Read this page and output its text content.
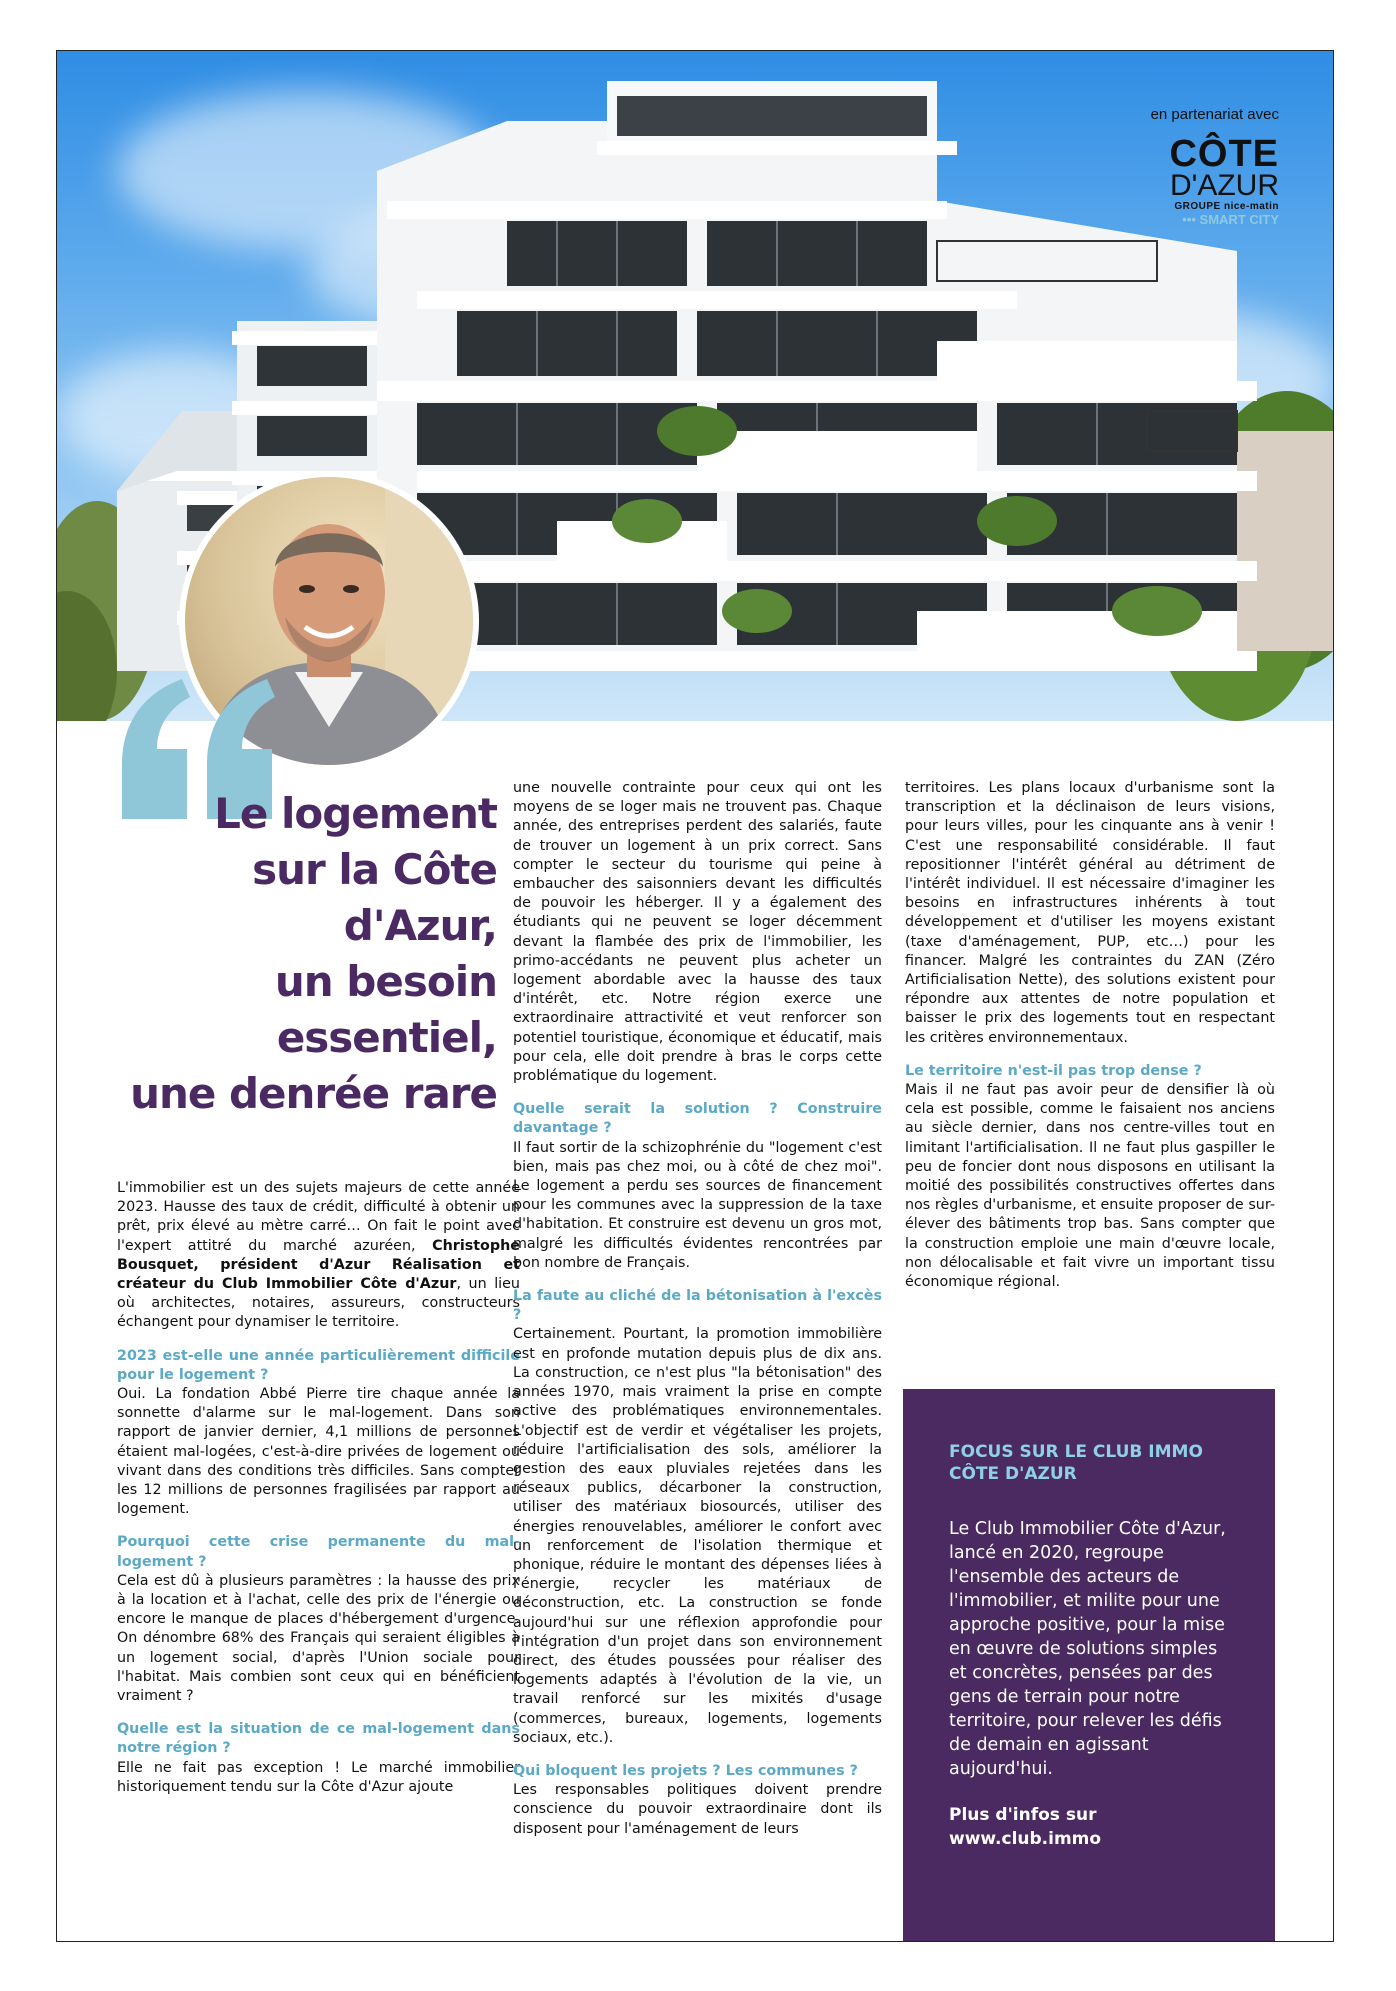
en partenariat avec
CÔTE
D'AZUR
GROUPE nice-matin
••• SMART CITY
Le logement
sur la Côte
d'Azur,
un besoin
essentiel,
une denrée rare

L'immobilier est un des sujets majeurs de cette année 2023. Hausse des taux de crédit, difficulté à obtenir un prêt, prix élevé au mètre carré… On fait le point avec l'expert attitré du marché azuréen, Christophe Bousquet, président d'Azur Réalisation et créateur du Club Immobilier Côte d'Azur, un lieu où architectes, notaires, assureurs, constructeurs échangent pour dynamiser le territoire.

2023 est-elle une année particulièrement difficile pour le logement ?

Oui. La fondation Abbé Pierre tire chaque année la sonnette d'alarme sur le mal-logement. Dans son rapport de janvier dernier, 4,1 millions de personnes étaient mal-logées, c'est-à-dire privées de logement ou vivant dans des conditions très difficiles. Sans compter les 12 millions de personnes fragilisées par rapport au logement.

Pourquoi cette crise permanente du mal-logement ?

Cela est dû à plusieurs paramètres : la hausse des prix à la location et à l'achat, celle des prix de l'énergie ou encore le manque de places d'hébergement d'urgence. On dénombre 68% des Français qui seraient éligibles à un logement social, d'après l'Union sociale pour l'habitat. Mais combien sont ceux qui en bénéficient vraiment ?

Quelle est la situation de ce mal-logement dans notre région ?

Elle ne fait pas exception ! Le marché immobilier historiquement tendu sur la Côte d'Azur ajoute

une nouvelle contrainte pour ceux qui ont les moyens de se loger mais ne trouvent pas. Chaque année, des entreprises perdent des salariés, faute de trouver un logement à un prix correct. Sans compter le secteur du tourisme qui peine à embaucher des saisonniers devant les difficultés de pouvoir les héberger. Il y a également des étudiants qui ne peuvent se loger décemment devant la flambée des prix de l'immobilier, les primo-accédants ne peuvent plus acheter un logement abordable avec la hausse des taux d'intérêt, etc. Notre région exerce une extraordinaire attractivité et veut renforcer son potentiel touristique, économique et éducatif, mais pour cela, elle doit prendre à bras le corps cette problématique du logement.

Quelle serait la solution ? Construire davantage ?

Il faut sortir de la schizophrénie du "logement c'est bien, mais pas chez moi, ou à côté de chez moi". Le logement a perdu ses sources de financement pour les communes avec la suppression de la taxe d'habitation. Et construire est devenu un gros mot, malgré les difficultés évidentes rencontrées par bon nombre de Français.

La faute au cliché de la bétonisation à l'excès ?

Certainement. Pourtant, la promotion immobilière est en profonde mutation depuis plus de dix ans. La construction, ce n'est plus "la bétonisation" des années 1970, mais vraiment la prise en compte active des problématiques environnementales. L'objectif est de verdir et végétaliser les projets, réduire l'artificialisation des sols, améliorer la gestion des eaux pluviales rejetées dans les réseaux publics, décarboner la construction, utiliser des matériaux biosourcés, utiliser des énergies renouvelables, améliorer le confort avec un renforcement de l'isolation thermique et phonique, réduire le montant des dépenses liées à l'énergie, recycler les matériaux de déconstruction, etc. La construction se fonde aujourd'hui sur une réflexion approfondie pour l'intégration d'un projet dans son environnement direct, des études poussées pour réaliser des logements adaptés à l'évolution de la vie, un travail renforcé sur les mixités d'usage (commerces, bureaux, logements, logements sociaux, etc.).

Qui bloquent les projets ? Les communes ?

Les responsables politiques doivent prendre conscience du pouvoir extraordinaire dont ils disposent pour l'aménagement de leurs

territoires. Les plans locaux d'urbanisme sont la transcription et la déclinaison de leurs visions, pour leurs villes, pour les cinquante ans à venir ! C'est une responsabilité considérable. Il faut repositionner l'intérêt général au détriment de l'intérêt individuel. Il est nécessaire d'imaginer les besoins en infrastructures inhérents à tout développement et d'utiliser les moyens existant (taxe d'aménagement, PUP, etc…) pour les financer. Malgré les contraintes du ZAN (Zéro Artificialisation Nette), des solutions existent pour répondre aux attentes de notre population et baisser le prix des logements tout en respectant les critères environnementaux.

Le territoire n'est-il pas trop dense ?

Mais il ne faut pas avoir peur de densifier là où cela est possible, comme le faisaient nos anciens au siècle dernier, dans nos centre-villes tout en limitant l'artificialisation. Il ne faut plus gaspiller le peu de foncier dont nous disposons en utilisant la moitié des possibilités constructives offertes dans nos règles d'urbanisme, et ensuite proposer de sur-élever des bâtiments trop bas. Sans compter que la construction emploie une main d'œuvre locale, non délocalisable et fait vivre un important tissu économique régional.

FOCUS SUR LE CLUB IMMO CÔTE D'AZUR

Le Club Immobilier Côte d'Azur, lancé en 2020, regroupe l'ensemble des acteurs de l'immobilier, et milite pour une approche positive, pour la mise en œuvre de solutions simples et concrètes, pensées par des gens de terrain pour notre territoire, pour relever les défis de demain en agissant aujourd'hui.

Plus d'infos sur

www.club.immo
